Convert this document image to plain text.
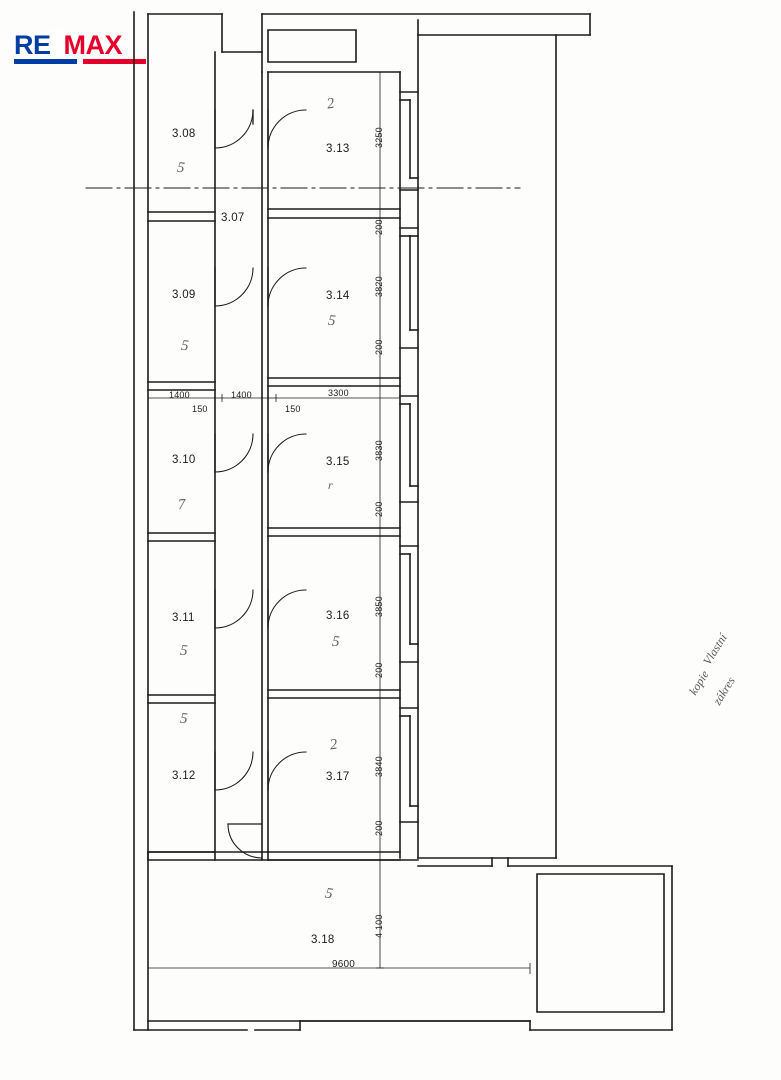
RE MAX
3.08
3.07
3.09
3.10
3.11
3.12
3.13
3.14
3.15
3.16
3.17
3.18
3250
200
3820
200
3830
200
3850
200
3840
200
4 100
1400
150
1400
150
3300
9600
5
5
7
5
5
2
5
r
5
2
5
Vlastní
kopie
zákres
